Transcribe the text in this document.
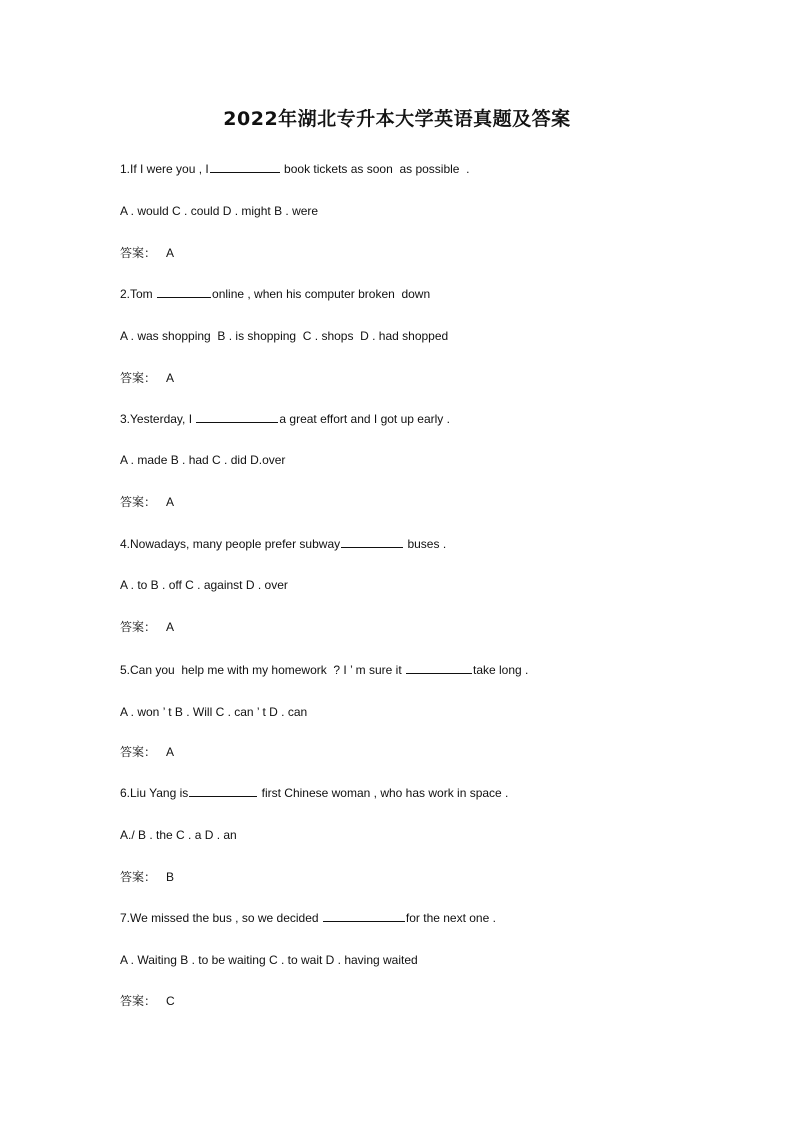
2022年湖北专升本大学英语真题及答案
1.If I were you , I	book tickets as soon  as possible  .
A . would C . could D . might B . were
答案： A
2.Tom	online , when his computer broken  down
A . was shopping  B . is shopping  C . shops  D . had shopped
答案： A
3.Yesterday, I	a great effort and I got up early .
A . made B . had C . did D.over
答案： A
4.Nowadays, many people prefer subway	buses .
A . to B . off C . against D . over
答案： A
5.Can you  help me with my homework  ? I ’ m sure it	take long .
A . won ’ t B . Will C . can ’ t D . can
答案： A
6.Liu Yang is	first Chinese woman , who has work in space .
A./ B . the C . a D . an
答案： B
7.We missed the bus , so we decided	for the next one .
A . Waiting B . to be waiting C . to wait D . having waited
答案： C
